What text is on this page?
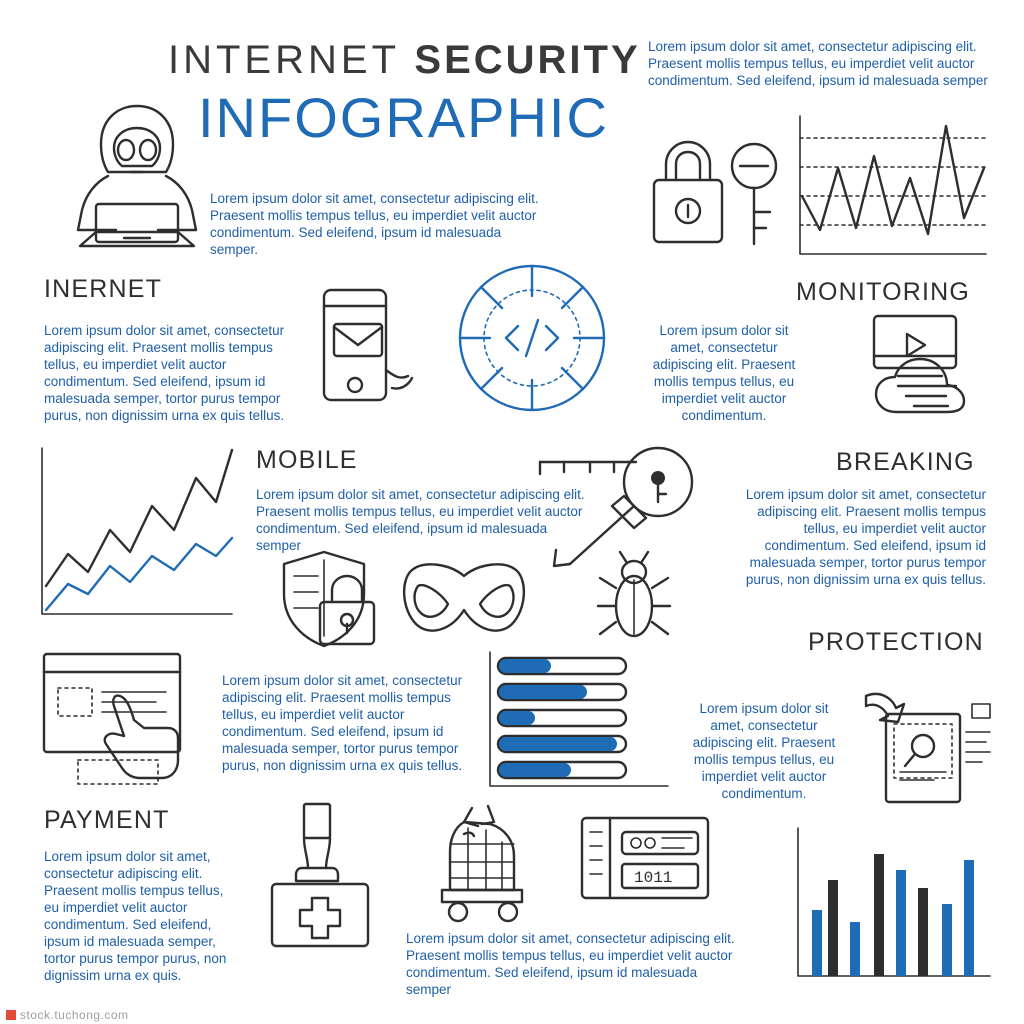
INTERNET SECURITY
INFOGRAPHIC
Lorem ipsum dolor sit amet, consectetur adipiscing elit. Praesent mollis tempus tellus, eu imperdiet velit auctor condimentum. Sed eleifend, ipsum id malesuada semper
Lorem ipsum dolor sit amet, consectetur adipiscing elit. Praesent mollis tempus tellus, eu imperdiet velit auctor condimentum. Sed eleifend, ipsum id malesuada semper.
MONITORING
INERNET
Lorem ipsum dolor sit amet, consectetur adipiscing elit. Praesent mollis tempus tellus, eu imperdiet velit auctor condimentum. Sed eleifend, ipsum id malesuada semper, tortor purus tempor purus, non dignissim urna ex quis tellus.
Lorem ipsum dolor sit amet, consectetur adipiscing elit. Praesent mollis tempus tellus, eu imperdiet velit auctor condimentum.
BREAKING
Lorem ipsum dolor sit amet, consectetur adipiscing elit. Praesent mollis tempus tellus, eu imperdiet velit auctor condimentum. Sed eleifend, ipsum id malesuada semper, tortor purus tempor purus, non dignissim urna ex quis tellus.
MOBILE
Lorem ipsum dolor sit amet, consectetur adipiscing elit. Praesent mollis tempus tellus, eu imperdiet velit auctor condimentum. Sed eleifend, ipsum id malesuada semper
PROTECTION
Lorem ipsum dolor sit amet, consectetur adipiscing elit. Praesent mollis tempus tellus, eu imperdiet velit auctor condimentum. Sed eleifend, ipsum id malesuada semper, tortor purus tempor purus, non dignissim urna ex quis tellus.
Lorem ipsum dolor sit amet, consectetur adipiscing elit. Praesent mollis tempus tellus, eu imperdiet velit auctor condimentum.
PAYMENT
Lorem ipsum dolor sit amet, consectetur adipiscing elit. Praesent mollis tempus tellus, eu imperdiet velit auctor condimentum. Sed eleifend, ipsum id malesuada semper, tortor purus tempor purus, non dignissim urna ex quis.
1011
Lorem ipsum dolor sit amet, consectetur adipiscing elit. Praesent mollis tempus tellus, eu imperdiet velit auctor condimentum. Sed eleifend, ipsum id malesuada semper
stock.tuchong.com
